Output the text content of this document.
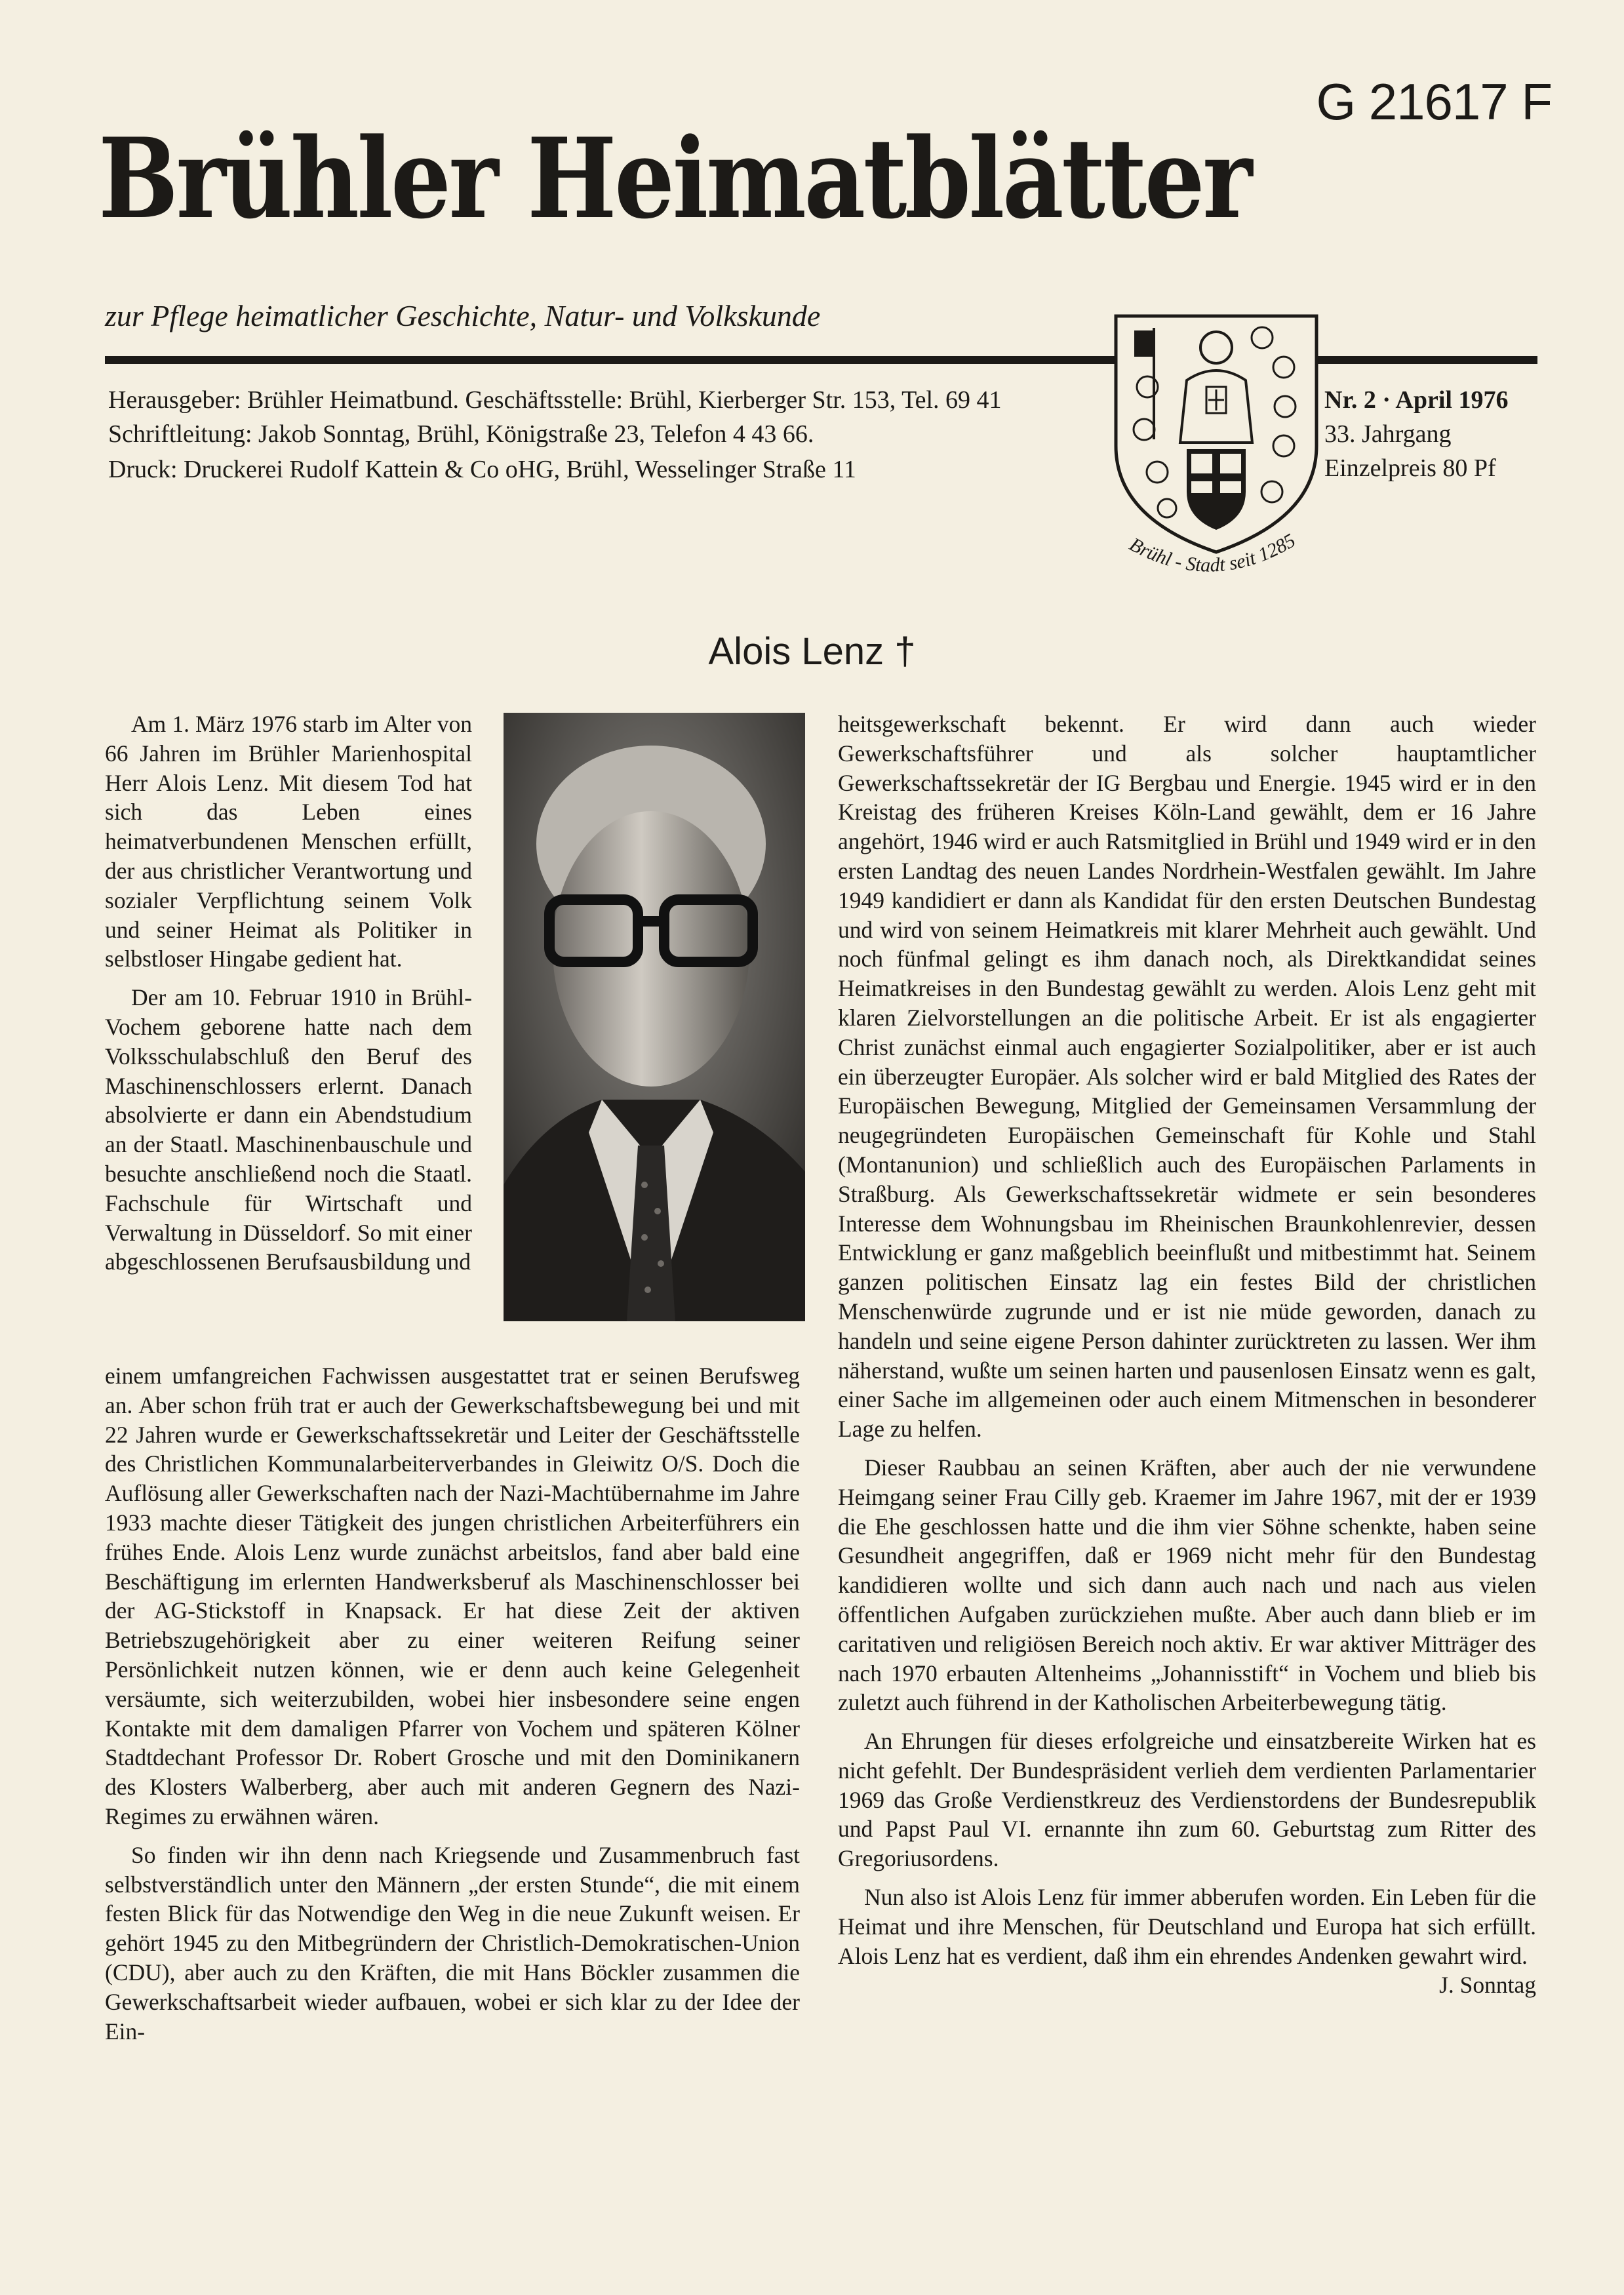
G 21617 F
Brühler Heimatblätter
zur Pflege heimatlicher Geschichte, Natur- und Volkskunde
Herausgeber: Brühler Heimatbund. Geschäftsstelle: Brühl, Kierberger Str. 153, Tel. 69 41
Schriftleitung: Jakob Sonntag, Brühl, Königstraße 23, Telefon 4 43 66.
Druck: Druckerei Rudolf Kattein & Co oHG, Brühl, Wesselinger Straße 11
Nr. 2 · April 1976
33. Jahrgang
Einzelpreis 80 Pf
Brühl - Stadt seit 1285
Alois Lenz †

Am 1. März 1976 starb im Alter von 66 Jahren im Brühler Marienhospital Herr Alois Lenz. Mit diesem Tod hat sich das Leben eines heimatverbundenen Menschen erfüllt, der aus christlicher Verantwortung und sozialer Verpflichtung seinem Volk und seiner Heimat als Politiker in selbstloser Hingabe gedient hat.

Der am 10. Februar 1910 in Brühl-Vochem geborene hatte nach dem Volksschulabschluß den Beruf des Maschinenschlossers erlernt. Danach absolvierte er dann ein Abendstudium an der Staatl. Maschinenbauschule und besuchte anschließend noch die Staatl. Fachschule für Wirtschaft und Verwaltung in Düsseldorf. So mit einer abgeschlossenen Berufsausbildung und

einem umfangreichen Fachwissen ausgestattet trat er seinen Berufsweg an. Aber schon früh trat er auch der Gewerkschaftsbewegung bei und mit 22 Jahren wurde er Gewerkschaftssekretär und Leiter der Geschäftsstelle des Christlichen Kommunalarbeiterverbandes in Gleiwitz O/S. Doch die Auflösung aller Gewerkschaften nach der Nazi-Machtübernahme im Jahre 1933 machte dieser Tätigkeit des jungen christlichen Arbeiterführers ein frühes Ende. Alois Lenz wurde zunächst arbeitslos, fand aber bald eine Beschäftigung im erlernten Handwerksberuf als Maschinenschlosser bei der AG-Stickstoff in Knapsack. Er hat diese Zeit der aktiven Betriebszugehörigkeit aber zu einer weiteren Reifung seiner Persönlichkeit nutzen können, wie er denn auch keine Gelegenheit versäumte, sich weiterzubilden, wobei hier insbesondere seine engen Kontakte mit dem damaligen Pfarrer von Vochem und späteren Kölner Stadtdechant Professor Dr. Robert Grosche und mit den Dominikanern des Klosters Walberberg, aber auch mit anderen Gegnern des Nazi-Regimes zu erwähnen wären.

So finden wir ihn denn nach Kriegsende und Zusammenbruch fast selbstverständlich unter den Männern „der ersten Stunde“, die mit einem festen Blick für das Notwendige den Weg in die neue Zukunft weisen. Er gehört 1945 zu den Mitbegründern der Christlich-Demokratischen-Union (CDU), aber auch zu den Kräften, die mit Hans Böckler zusammen die Gewerkschaftsarbeit wieder aufbauen, wobei er sich klar zu der Idee der Ein-

heitsgewerkschaft bekennt. Er wird dann auch wieder Gewerkschaftsführer und als solcher hauptamtlicher Gewerkschaftssekretär der IG Bergbau und Energie. 1945 wird er in den Kreistag des früheren Kreises Köln-Land gewählt, dem er 16 Jahre angehört, 1946 wird er auch Ratsmitglied in Brühl und 1949 wird er in den ersten Landtag des neuen Landes Nordrhein-Westfalen gewählt. Im Jahre 1949 kandidiert er dann als Kandidat für den ersten Deutschen Bundestag und wird von seinem Heimatkreis mit klarer Mehrheit auch gewählt. Und noch fünfmal gelingt es ihm danach noch, als Direktkandidat seines Heimatkreises in den Bundestag gewählt zu werden. Alois Lenz geht mit klaren Zielvorstellungen an die politische Arbeit. Er ist als engagierter Christ zunächst einmal auch engagierter Sozialpolitiker, aber er ist auch ein überzeugter Europäer. Als solcher wird er bald Mitglied des Rates der Europäischen Bewegung, Mitglied der Gemeinsamen Versammlung der neugegründeten Europäischen Gemeinschaft für Kohle und Stahl (Montanunion) und schließlich auch des Europäischen Parlaments in Straßburg. Als Gewerkschaftssekretär widmete er sein besonderes Interesse dem Wohnungsbau im Rheinischen Braunkohlenrevier, dessen Entwicklung er ganz maßgeblich beeinflußt und mitbestimmt hat. Seinem ganzen politischen Einsatz lag ein festes Bild der christlichen Menschenwürde zugrunde und er ist nie müde geworden, danach zu handeln und seine eigene Person dahinter zurücktreten zu lassen. Wer ihm näherstand, wußte um seinen harten und pausenlosen Einsatz wenn es galt, einer Sache im allgemeinen oder auch einem Mitmenschen in besonderer Lage zu helfen.

Dieser Raubbau an seinen Kräften, aber auch der nie verwundene Heimgang seiner Frau Cilly geb. Kraemer im Jahre 1967, mit der er 1939 die Ehe geschlossen hatte und die ihm vier Söhne schenkte, haben seine Gesundheit angegriffen, daß er 1969 nicht mehr für den Bundestag kandidieren wollte und sich dann auch nach und nach aus vielen öffentlichen Aufgaben zurückziehen mußte. Aber auch dann blieb er im caritativen und religiösen Bereich noch aktiv. Er war aktiver Mitträger des nach 1970 erbauten Altenheims „Johannisstift“ in Vochem und blieb bis zuletzt auch führend in der Katholischen Arbeiterbewegung tätig.

An Ehrungen für dieses erfolgreiche und einsatzbereite Wirken hat es nicht gefehlt. Der Bundespräsident verlieh dem verdienten Parlamentarier 1969 das Große Verdienstkreuz des Verdienstordens der Bundesrepublik und Papst Paul VI. ernannte ihn zum 60. Geburtstag zum Ritter des Gregoriusordens.

Nun also ist Alois Lenz für immer abberufen worden. Ein Leben für die Heimat und ihre Menschen, für Deutschland und Europa hat sich erfüllt. Alois Lenz hat es verdient, daß ihm ein ehrendes Andenken gewahrt wird.
J. Sonntag
